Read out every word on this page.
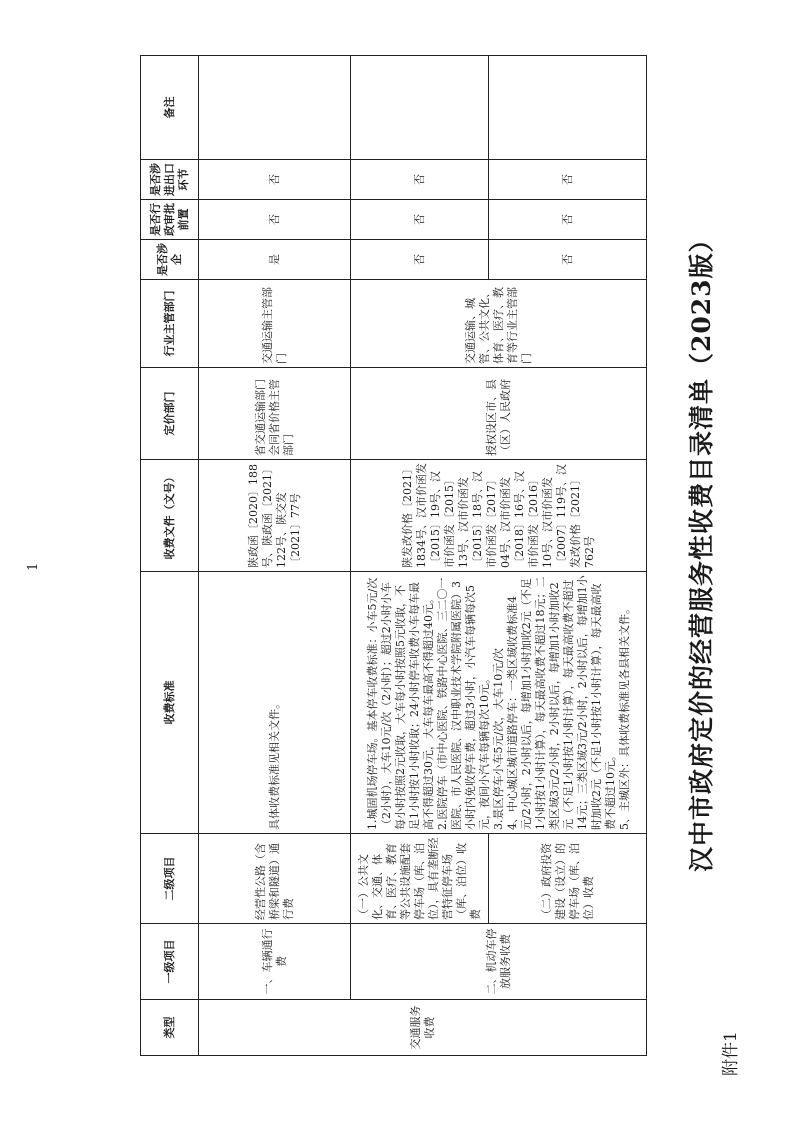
附件1
汉中市政府定价的经营服务性收费目录清单（2023版）
1
类型	一级项目	二级项目	收费标准	收费文件（文号）	定价部门	行业主管部门	是否涉企	是否行政审批前置	是否涉进出口环节	备注
交通服务收费	一、车辆通行费	经营性公路（含桥梁和隧道）通行费	具体收费标准见相关文件。	陕政函〔2020〕188号、陕政函〔2021〕122号、陕交发〔2021〕77号	省交通运输部门会同省价格主管部门	交通运输主管部门	是	否	否	
	二、机动车停放服务收费	（一）公共文化、交通、体育、医疗、教育等公共设施配套停车场（库、泊位），具有垄断经营特征停车场（库、泊位）收费	1.城固机场停车场。基本停车收费标准：小车5元/次（2小时），大车10元/次（2小时）；超过2小时小车每小时按照2元收取，大车每小时按照5元收取，不足1小时按1小时收取；24小时停车收费小车每车最高不得超过30元，大车每车最高不得超过40元。
2.医院停车（市中心医院、铁路中心医院、三二〇一医院、市人民医院、汉中职业技术学院附属医院）3小时内免收停车费，超过3小时，小汽车每辆每次5元，夜间小汽车每辆每次10元。
3.景区停车小车5元/次，大车10元/次
4、中心城区城市道路停车：一类区域收费标准4元/2小时，2小时以后，每增加1小时加收2元（不足1小时按1小时计算），每天最高收费不超过18元；二类区域3元/2小时，2小时以后，每增加1小时加收2元（不足1小时按1小时计算），每天最高收费不超过14元；三类区域3元/2小时，2小时以后，每增加1小时加收2元（不足1小时按1小时计算），每天最高收费不超过10元。
5、主城区外：具体收费标准见各县相关文件。	陕发改价格〔2021〕1834号、汉市价函发〔2015〕19号、汉市价函发〔2015〕13号、汉市价函发〔2015〕18号、汉市价函发〔2017〕04号、汉市价函发〔2018〕16号、汉市价函发〔2016〕10号、汉市价函发〔2007〕119号、汉发改价格〔2021〕762号	授权设区市、县（区）人民政府	交通运输、城管、公共文化、体育、医疗、教育等行业主管部门	否	否	否	
		（二）政府投资建设（设立）的停车场（库、泊位）收费					否	否	否	
